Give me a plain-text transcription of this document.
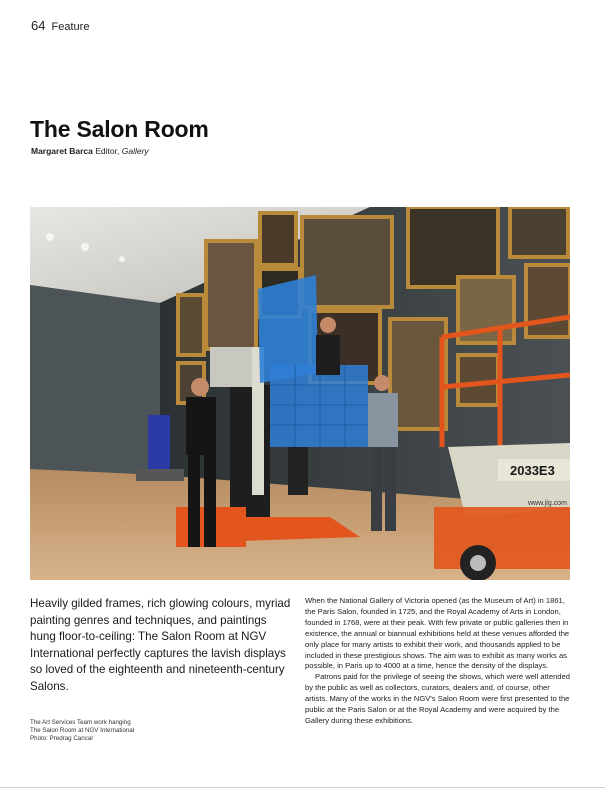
64 Feature
The Salon Room
Margaret Barca Editor, Gallery
2033E3
www.jlg.com

Heavily gilded frames, rich glowing colours, myriad painting genres and techniques, and paintings hung floor-to-ceiling: The Salon Room at NGV International perfectly captures the lavish displays so loved of the eighteenth and nineteenth-century Salons.

The Art Services Team work hanging
The Salon Room at NGV International
Photo: Predrag Cancar

When the National Gallery of Victoria opened (as the Museum of Art) in 1861, the Paris Salon, founded in 1725, and the Royal Academy of Arts in London, founded in 1768, were at their peak. With few private or public galleries then in existence, the annual or biannual exhibitions held at these venues afforded the only place for many artists to exhibit their work, and thousands applied to be included in these prestigious shows. The aim was to exhibit as many works as possible, in Paris up to 4000 at a time, hence the density of the displays.

Patrons paid for the privilege of seeing the shows, which were well attended by the public as well as collectors, curators, dealers and, of course, other artists. Many of the works in the NGV's Salon Room were first presented to the public at the Paris Salon or at the Royal Academy and were acquired by the Gallery during these exhibitions.
